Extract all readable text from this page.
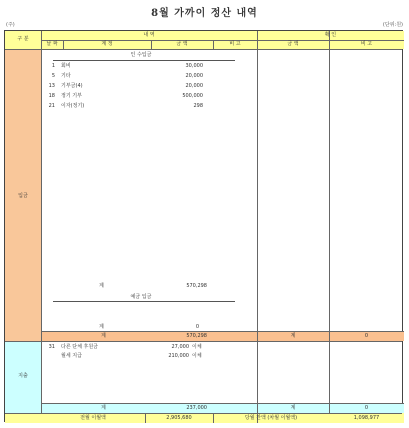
8월 가까이 정산 내역
(주)	(단위:원)
구 분
내 역	확 인
날 짜	계 정	금 액	비 고	금 액	비 고
입금
인 수입금
1 회비	30,000
5 기타	20,000
13 기부금(4)	20,000
18 정기 기부	500,000
21 이자(정기)	298
계	570,298
예금 입금
계	0
계	570,298	계	0
지출
31 다른 단체 후원금	27,000 이체
월세 지급	210,000 이체
계	237,000	계	0
전월 이월액	2,905,680	당월 잔액 (차월 이월액)	1,098,977
